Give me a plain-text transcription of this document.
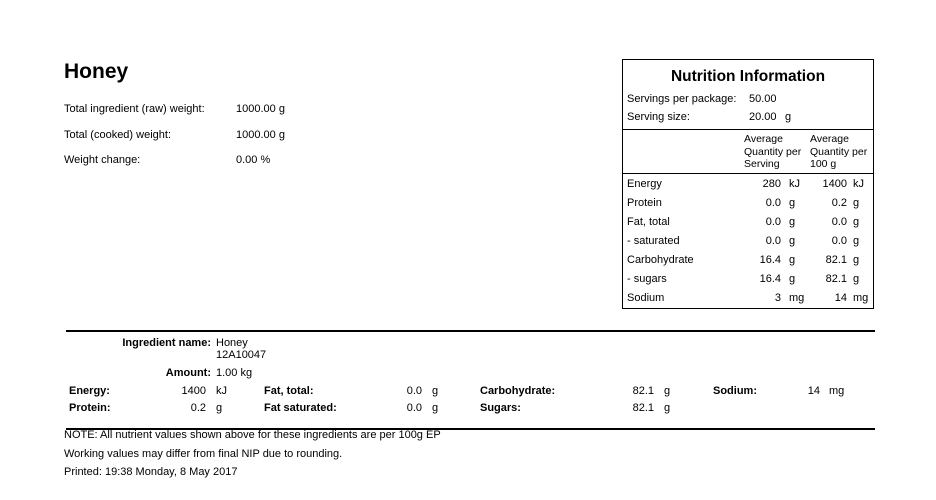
Honey
Total ingredient (raw) weight:	1000.00 g
Total (cooked) weight:	1000.00 g
Weight change:	0.00 %
Nutrition Information
Servings per package: 50.00
Serving size:	20.00 g
Average Quantity per Serving
Average Quantity per 100 g
Energy	280 kJ	1400 kJ
Protein	0.0 g	0.2 g
Fat, total	0.0 g	0.0 g
- saturated	0.0 g	0.0 g
Carbohydrate	16.4 g	82.1 g
- sugars	16.4 g	82.1 g
Sodium	3 mg	14 mg
Ingredient name: Honey
12A10047
Amount: 1.00 kg
Energy:	1400 kJ	Fat, total:	0.0 g	Carbohydrate:	82.1 g	Sodium:	14 mg
Protein:	0.2 g	Fat saturated:	0.0 g	Sugars:	82.1 g
NOTE: All nutrient values shown above for these ingredients are per 100g EP
Working values may differ from final NIP due to rounding.
Printed: 19:38 Monday, 8 May 2017
